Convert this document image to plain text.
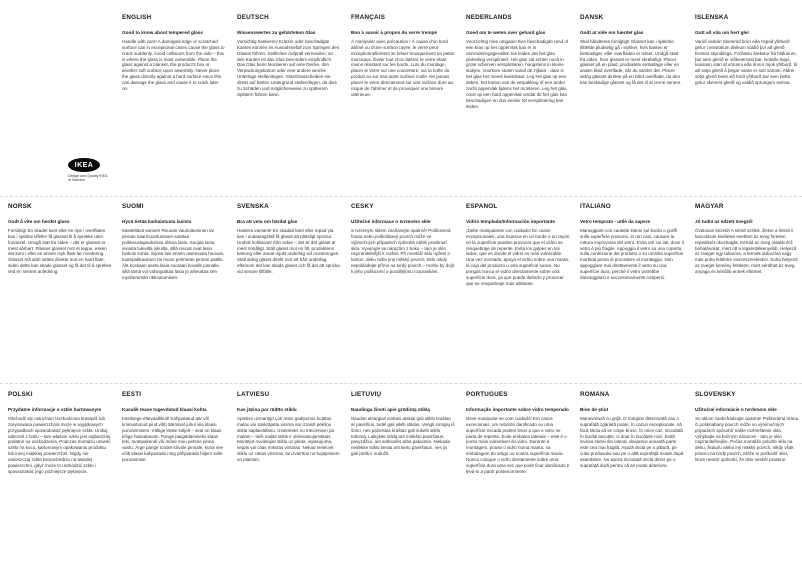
IKEA
Design and Quality IKEA of Sweden
ENGLISH
Good to know about tempered glass

Handle with care! A damaged edge or scratched surface can in exceptional cases cause the glass to crack suddenly. Avoid collisions from the side – this is where the glass is most vulnerable. Place the glass against a blanket, the product's box or another soft surface upon assembly. Never place the glass directly against a hard surface since this can damage the glass and cause it to crack later on.

DEUTSCH
Wissenswertes zu gehärtetem Glas

Vorsichtig hantieren! Kratzer oder beschädigte Kanten können im Ausnahmefall zum Springen des Glases führen. Seitlichen Aufprall vermeiden; an den Kanten ist das Glas besonders empfindlich. Das Glas beim Montieren auf eine Decke, den Verpackungskarton oder eine andere weiche Unterlage stellen/legen. Glas/Glasscheiben nie direkt auf harten Untergrund stellen/legen, da dies zu Schäden und möglicherweise zu späterem Splittern führen kann.

FRANÇAIS
Bon à savoir à propos du verre trempé

À manipuler avec précaution ! À cause d'un bord abîmé ou d'une surface rayée, le verre peut exceptionnellement se briser brusquement en petits morceaux. Éviter tout choc latéral, le verre étant moins résistant sur les bords. Lors du montage, placer le verre sur une couverture, sur la boîte du produit ou sur tout autre surface molle. Ne jamais placer le verre directement sur une surface dure au risque de l'abîmer et de provoquer une brisure ultérieure.

NEDERLANDS
Goed om te weten over gehard glas

Voorzichtig mee omgaan! Een beschadigde rand of een kras op het oppervlak kan er in uitzonderingsgevallen toe leiden dat het glas plotseling versplintert. Het glas zal echter nooit in grote scherven versplinteren, hoogstens in kleine stukjes. Voorkom stoten vanaf de zijkant - daar is het glas het meest kwetsbaar. Leg het glas op een deken, het karton van de verpakking of een ander zacht oppervlak tijdens het monteren. Leg het glas nooit op een hard oppervlak omdat dit het glas kan beschadigen en dus eerder tot versplintering kan leiden.

DANSK
Godt at vide om hærdet glas

Skal håndteres forsigtigt! Glasset kan i sjældne tilfælde pludselig gå i stykker, hvis kanten er beskadiget, eller overfladen er ridset. Undgå stød fra siden, hvor glasset er mest skrøbeligt. Placer glasset på en plaid, produktets emballage eller en anden blød overflade, når du samler det. Placer aldrig glasset direkte på en hård overflade, da den kan beskadige glasset og få det til at revne senere.

ÍSLENSKA
Gott að vita um hert gler

Varúð varkár! Skemmd brún eða rispað yfirborð getur í einstökum tilvikum valdið því að glerið brotnar skyndilega. Forðastu árekstur frá hliðunum, þar sem glerið er viðkvæmast þar. Notaðu teppi, kassann utan af vörunni eða önnur mjúk yfirborð, til að setja glerið á þegar varan er sett saman. Aldrei setja glerið beint við hörð yfirborð þar sem þetta getur skemmt glerið og valdið sprungum seinna.

NORSK
Godt å vite om herdet glass

Forsiktig! En skadet kant eller en ripe i overflaten kan i sjeldne tilfeller få glasset til å sprekke uten forvarsel. Unngå støt fra siden – det er glasset er mest sårbart. Plasser glasset mot et teppe, esken det kom i eller en annen myk flate før montering. Glasset må aldri settes direkte mot en hard flate, siden dette kan skade glasset og få det til å sprekke ved en senere anledning.

SUOMI
Hyvä tietää karkaistusta lasista

Käsiteltävä varoen! Reunan vaurioituminen tai pinnan naarmuuntuminen saattaa poikkeustapauksissa rikkoa lasin. Suojaa lasia sivusta tulevilta iskuilta, sillä reunat ovat lasin heikoin kohta. Sijoita lasi ennen asennusta huovan, tuotepakkauksen tai muun pehmeän pinnan päälle. Älä koskaan aseta lasia suoraan kovalle pinnalle, sillä tämä voi vahingoittaa lasia ja aiheuttaa sen myöhemmän rikkoutumisen.

SVENSKA
Bra att veta om härdat glas

Hantera varsamt! En skadad kant eller repad yta kan i undantagsfall få glaset att plötsligt spricka. Undvik kollisioner från sidan – det är där glaset är mest ömtåligt. Ställ glaset mot en filt, produktens kartong eller annat mjukt underlag vid monteringen. Ställ aldrig glaset direkt mot ett hårt underlag, eftersom det kan skada glaset och få det att spricka vid senare tillfälle.

ČESKY
Užitečné informace o tvrzeném skle

S tvrzeným sklem zacházejte opatrně! Poškozená hrana nebo poškrábaný povrch může ve výjimečných případech způsobit náhlé prasknutí skla. Vyvarujte se nárazům z boku – tam je sklo nejzranitelnější k rozbití. Při montáži sklo opřete o karton, deku nebo jiný měkký povrch. Sklo nikdy nepokládejte přímo na tvrdý povrch – mohlo by dojít k jeho poškození a pozdějšímu rozpraskání.

ESPAÑOL
Vidrio templado/Información importante

¡Debe manipularse con cuidado! En casos excepcionales, una muesca en un borde o un rayón en la superficie pueden provocar que el vidrio se resquebraje de repente. Evita los golpes en los lados, que es donde el vidrio es más vulnerable. Una vez montado, apoya el vidrio sobre una manta, la caja del producto u otra superficie suave. No pongas nunca el vidrio directamente sobre una superficie dura, ya que puede dañarlo y provocar que se resquebraje más adelante.

ITALIANO
Vetro temprato - utile da sapere

Maneggiare con cautela! Danni sul bordo o graffi sulla superficie possono, in rari casi, causare la rottura improvvisa del vetro. Evita urti sui lati, dove il vetro è più fragile. Appoggia il vetro su una coperta, sulla confezione del prodotto o su un'altra superficie morbida prima di procedere al montaggio. Non appoggiare mai direttamente il vetro su una superficie dura, perché il vetro potrebbe danneggiarsi e successivamente rompersi.

MAGYAR
Jó tudni az edzett üvegről

Óvatosan kezeld! A sérült szélek, illetve a felszíni karcolások kivételes esetben az üveg hirtelen repedését okozhatják. Kerüld az üveg oldalát érő behatásokat, mert ott a legsérülékenyebb. Helyezd az üveget egy takaróra, a termék dobozára vagy más puha felületre összeszereléskor. Soha helyezd az üveget kemény felületre, mert sérülhet az üveg anyaga és később ennek eltörhet.

POLSKI
Przydatne informacje o szkle hartowanym

Obchodź się ostrożnie! Uszkodzona krawędź lub zarysowana powierzchnia może w wyjątkowych przypadkach spowodować pęknięcie szkła. Unikaj uderzeń z boku – tam właśnie szkło jest najbardziej podatne na uszkodzenia. Podczas montażu umieść szkło na kocu, kartonowym opakowaniu produktu lub innej miękkiej powierzchni. Nigdy nie umieszczaj szkła bezpośrednio na twardej powierzchni, gdyż może to uszkodzić szkło i spowodować jego późniejsze pęknięcie.

EESTI
Kasulik teave tugevdatud klaasi kohta

Käsitsege ettevaatlikult! Kahjustatud äär või kriimustunud pind võib äärmisel juhul viia klaasi purunemiseni. Vältige lööke küljelt – seal on klaas kõige haavatavam. Pange paigaldamiseks klaas teki, tootepakendi või mõne muu pehme pinna vastu. Ärge pange toodet kõvale pinnale, kuna see võib klaasi kahjustada ning põhjustada hiljem selle purunemise.

LATVIEŠU
Kas jāzina par rūdīto stiklu

Apieties uzmanīgi! Ļoti retos gadījumos bojātas malas vai saskrāpēta virsma var izraisīt pēkšņu stikla saplaisāšanu. Izvairieties no triecieniem pa malām – tieši malās stikls ir visievainojamākais. Montējot novietojiet stiklu uz pleda, iepakojuma, segas vai citas mīkstas virsmas. Nekad nelieciet stiklu uz cietas virsmas, lai izvairītos no bojājumiem un plaisām.

LIETUVIŲ
Naudinga žinoti apie grūdintą stiklą

Naudoti atsargiai! Kartais atskiai gali stiklo kraštas ar paviršius, todėl gali įskilti stiklas. Vengti smūgių iš šono, nes pažeistas kraštas gali sukelti stiklo trūkimą. Laikykite stiklą ant minkšto paviršiaus, pavyzdžiui, ant antklodės arba pakuotės. Niekada nedėkite stiklo tiesiai ant kieto paviršiaus, nes jis gali įskilti ir sudužti.

PORTUGUES
Informação importante sobre vidro temperado

Deve manipular-se com cuidado! Em casos excecionais, um rebordo danificado ou uma superfície riscada podem levar a que o vidro se parta de repente. Evite embates laterais – este é o ponto mais vulnerável do vidro. Durante a montagem, pouse o vidro numa manta, na embalagem do artigo ou noutra superfície macia. Nunca coloque o vidro diretamente sobre uma superfície dura uma vez que pode ficar danificado e levá-lo a partir posteriormente.

ROMÂNA
Bine de știut

Manevrează cu grijă. O margine deteriorată sau o suprafață zgâriată poate, în cazuri excepționale, să facă sticla să se crape brusc. În orice caz, niciodată în bucăți ascuțite, ci doar în bucățele mici. Evită lovirea sticlei din lateral, deoarece această parte este cea mai fragilă. Așază sticla pe o pătură, pe cutia produsului sau pe o altă suprafață moale după asamblare. Nu așeza niciodată sticla direct pe o suprafață dură pentru că se poate deteriora.

SLOVENSKY
Užitočné informácie o tvrdenom skle

So sklom zaobchádzajte opatrne! Poškodená hrana či poškriabaný povrch môže vo výnimočných prípadoch spôsobiť náhle roztrieštenie skla. Vyhýbajte sa bočným nárazom - tam je sklo najzraniteľnejšie. Počas montáže položte sklo na deku, škatuľu alebo iný mäkký povrch, nikdy však priamo na tvrdý povrch. Môže to poškodiť sklo, ktoré neskôr spôsobí, že sklo neskôr praskne.
